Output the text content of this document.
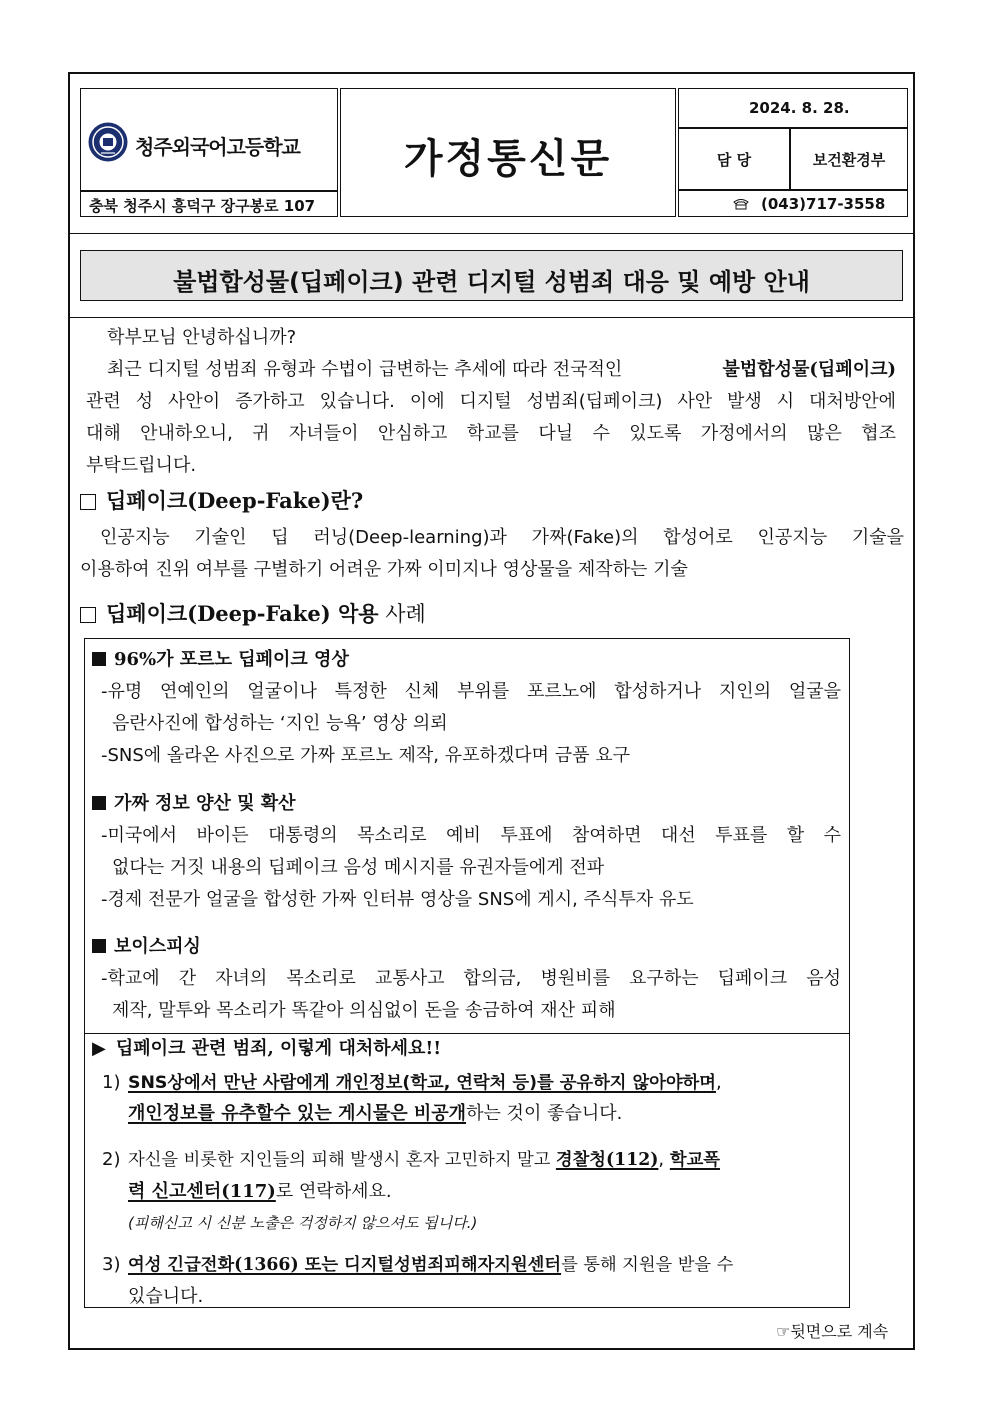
청주외국어고등학교
충북 청주시 흥덕구 장구봉로 107
가정통신문
2024. 8. 28.
담 당	보건환경부
(043)717-3558
불법합성물(딥페이크) 관련 디지털 성범죄 대응 및 예방 안내
학부모님 안녕하십니까?
최근 디지털 성범죄 유형과 수법이 급변하는 추세에 따라 전국적인	불법합성물(딥페이크)
관련 성 사안이 증가하고 있습니다. 이에 디지털 성범죄(딥페이크) 사안 발생 시 대처방안에
대해 안내하오니, 귀 자녀들이 안심하고 학교를 다닐 수 있도록 가정에서의 많은 협조
부탁드립니다.
딥페이크(Deep-Fake)란?
인공지능 기술인 딥 러닝(Deep-learning)과 가짜(Fake)의 합성어로 인공지능 기술을
이용하여 진위 여부를 구별하기 어려운 가짜 이미지나 영상물을 제작하는 기술
딥페이크(Deep-Fake) 악용 사례
96%가 포르노 딥페이크 영상
-유명 연예인의 얼굴이나 특정한 신체 부위를 포르노에 합성하거나 지인의 얼굴을
음란사진에 합성하는 ‘지인 능욕’ 영상 의뢰
-SNS에 올라온 사진으로 가짜 포르노 제작, 유포하겠다며 금품 요구
가짜 정보 양산 및 확산
-미국에서 바이든 대통령의 목소리로 예비 투표에 참여하면 대선 투표를 할 수
없다는 거짓 내용의 딥페이크 음성 메시지를 유권자들에게 전파
-경제 전문가 얼굴을 합성한 가짜 인터뷰 영상을 SNS에 게시, 주식투자 유도
보이스피싱
-학교에 간 자녀의 목소리로 교통사고 합의금, 병원비를 요구하는 딥페이크 음성
제작, 말투와 목소리가 똑같아 의심없이 돈을 송금하여 재산 피해
▶ 딥페이크 관련 범죄, 이렇게 대처하세요!!
1) SNS상에서 만난 사람에게 개인정보(학교, 연락처 등)를 공유하지 않아야하며,
개인정보를 유추할수 있는 게시물은 비공개하는 것이 좋습니다.
2) 자신을 비롯한 지인들의 피해 발생시 혼자 고민하지 말고 경찰청(112), 학교폭
력 신고센터(117)로 연락하세요.
(피해신고 시 신분 노출은 걱정하지 않으셔도 됩니다.)
3) 여성 긴급전화(1366) 또는 디지털성범죄피해자지원센터를 통해 지원을 받을 수
있습니다.
☞뒷면으로 계속
